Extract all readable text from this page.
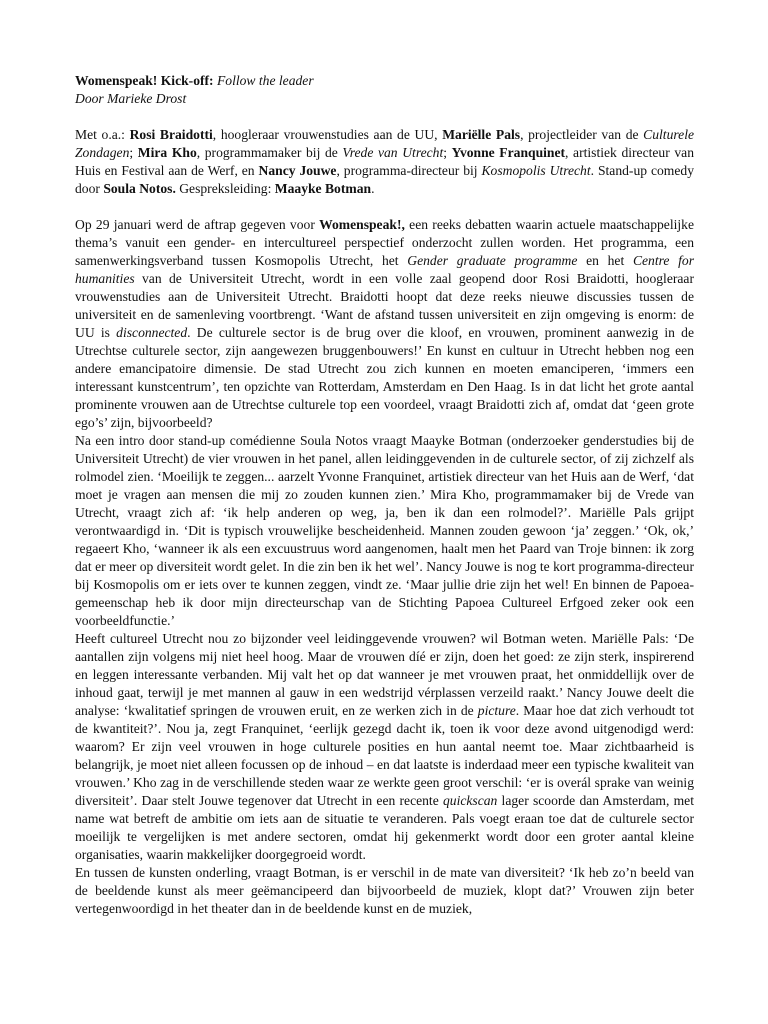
Womenspeak! Kick-off: Follow the leader
Door Marieke Drost

Met o.a.: Rosi Braidotti, hoogleraar vrouwenstudies aan de UU, Mariëlle Pals, projectleider van de Culturele Zondagen; Mira Kho, programmamaker bij de Vrede van Utrecht; Yvonne Franquinet, artistiek directeur van Huis en Festival aan de Werf, en Nancy Jouwe, programma-directeur bij Kosmopolis Utrecht. Stand-up comedy door Soula Notos. Gespreksleiding: Maayke Botman.

Op 29 januari werd de aftrap gegeven voor Womenspeak!, een reeks debatten waarin actuele maatschappelijke thema’s vanuit een gender- en intercultureel perspectief onderzocht zullen worden. Het programma, een samenwerkingsverband tussen Kosmopolis Utrecht, het Gender graduate programme en het Centre for humanities van de Universiteit Utrecht, wordt in een volle zaal geopend door Rosi Braidotti, hoogleraar vrouwenstudies aan de Universiteit Utrecht. Braidotti hoopt dat deze reeks nieuwe discussies tussen de universiteit en de samenleving voortbrengt. ‘Want de afstand tussen universiteit en zijn omgeving is enorm: de UU is disconnected. De culturele sector is de brug over die kloof, en vrouwen, prominent aanwezig in de Utrechtse culturele sector, zijn aangewezen bruggenbouwers!’ En kunst en cultuur in Utrecht hebben nog een andere emancipatoire dimensie. De stad Utrecht zou zich kunnen en moeten emanciperen, ‘immers een interessant kunstcentrum’, ten opzichte van Rotterdam, Amsterdam en Den Haag. Is in dat licht het grote aantal prominente vrouwen aan de Utrechtse culturele top een voordeel, vraagt Braidotti zich af, omdat dat ‘geen grote ego’s’ zijn, bijvoorbeeld?

Na een intro door stand-up comédienne Soula Notos vraagt Maayke Botman (onderzoeker genderstudies bij de Universiteit Utrecht) de vier vrouwen in het panel, allen leidinggevenden in de culturele sector, of zij zichzelf als rolmodel zien. ‘Moeilijk te zeggen... aarzelt Yvonne Franquinet, artistiek directeur van het Huis aan de Werf, ‘dat moet je vragen aan mensen die mij zo zouden kunnen zien.’ Mira Kho, programmamaker bij de Vrede van Utrecht, vraagt zich af: ‘ik help anderen op weg, ja, ben ik dan een rolmodel?’. Mariëlle Pals grijpt verontwaardigd in. ‘Dit is typisch vrouwelijke bescheidenheid. Mannen zouden gewoon ‘ja’ zeggen.’ ‘Ok, ok,’ regaeert Kho, ‘wanneer ik als een excuustruus word aangenomen, haalt men het Paard van Troje binnen: ik zorg dat er meer op diversiteit wordt gelet. In die zin ben ik het wel’. Nancy Jouwe is nog te kort programma-directeur bij Kosmopolis om er iets over te kunnen zeggen, vindt ze. ‘Maar jullie drie zijn het wel! En binnen de Papoea-gemeenschap heb ik door mijn directeurschap van de Stichting Papoea Cultureel Erfgoed zeker ook een voorbeeldfunctie.’

Heeft cultureel Utrecht nou zo bijzonder veel leidinggevende vrouwen? wil Botman weten. Mariëlle Pals: ‘De aantallen zijn volgens mij niet heel hoog. Maar de vrouwen díé er zijn, doen het goed: ze zijn sterk, inspirerend en leggen interessante verbanden. Mij valt het op dat wanneer je met vrouwen praat, het onmiddellijk over de inhoud gaat, terwijl je met mannen al gauw in een wedstrijd vérplassen verzeild raakt.’ Nancy Jouwe deelt die analyse: ‘kwalitatief springen de vrouwen eruit, en ze werken zich in de picture. Maar hoe dat zich verhoudt tot de kwantiteit?’. Nou ja, zegt Franquinet, ‘eerlijk gezegd dacht ik, toen ik voor deze avond uitgenodigd werd: waarom? Er zijn veel vrouwen in hoge culturele posities en hun aantal neemt toe. Maar zichtbaarheid is belangrijk, je moet niet alleen focussen op de inhoud – en dat laatste is inderdaad meer een typische kwaliteit van vrouwen.’ Kho zag in de verschillende steden waar ze werkte geen groot verschil: ‘er is overál sprake van weinig diversiteit’. Daar stelt Jouwe tegenover dat Utrecht in een recente quickscan lager scoorde dan Amsterdam, met name wat betreft de ambitie om iets aan de situatie te veranderen. Pals voegt eraan toe dat de culturele sector moeilijk te vergelijken is met andere sectoren, omdat hij gekenmerkt wordt door een groter aantal kleine organisaties, waarin makkelijker doorgegroeid wordt.

En tussen de kunsten onderling, vraagt Botman, is er verschil in de mate van diversiteit? ‘Ik heb zo’n beeld van de beeldende kunst als meer geëmancipeerd dan bijvoorbeeld de muziek, klopt dat?’ Vrouwen zijn beter vertegenwoordigd in het theater dan in de beeldende kunst en de muziek,
